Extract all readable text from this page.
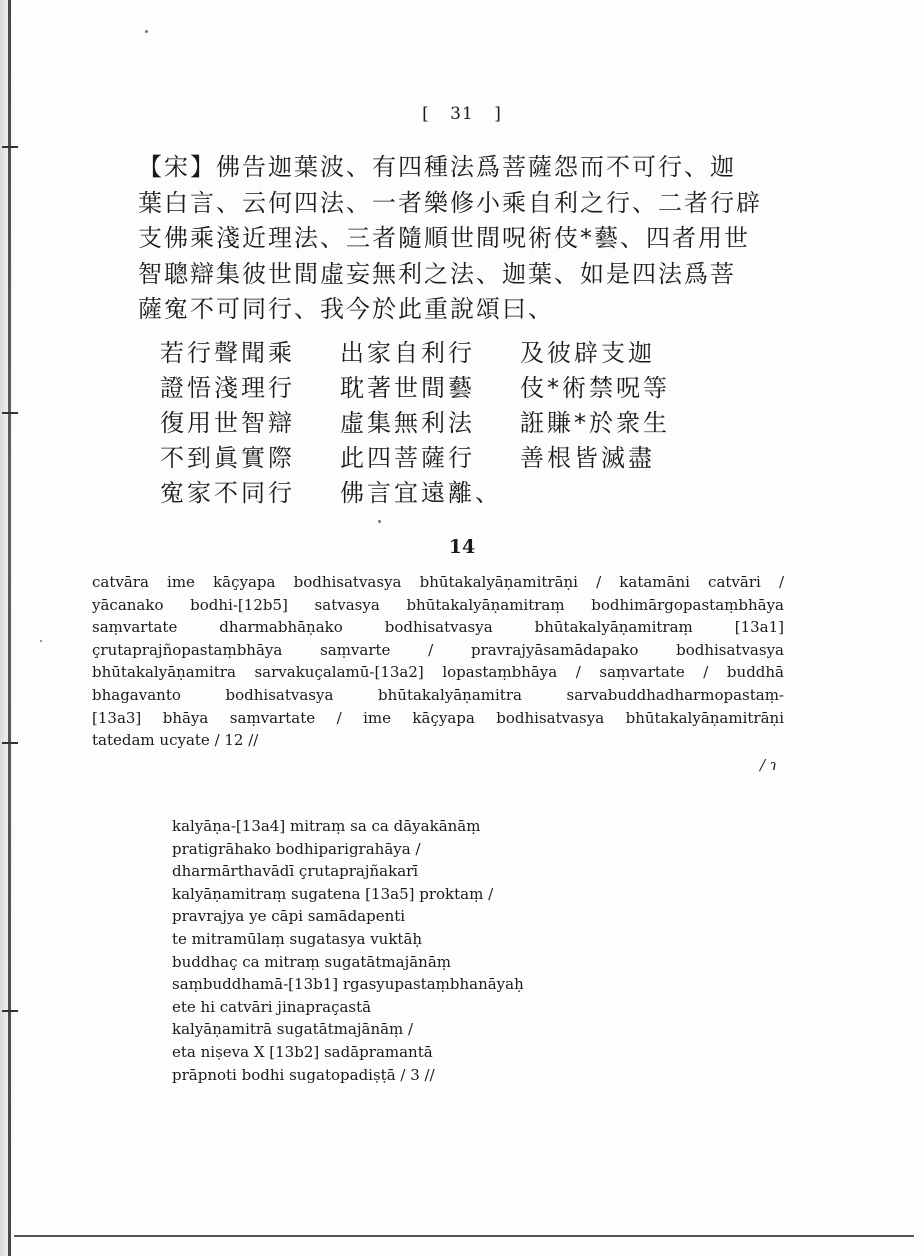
[ 31 ]
【宋】佛告迦葉波、有四種法爲菩薩怨而不可行、迦
葉白言、云何四法、一者樂修小乘自利之行、二者行辟
支佛乘淺近理法、三者隨順世間呪術伎*藝、四者用世
智聰辯集彼世間虛妄無利之法、迦葉、如是四法爲菩
薩寃不可同行、我今於此重說頌曰、
若行聲聞乘	出家自利行	及彼辟支迦
證悟淺理行	耽著世間藝	伎*術禁呪等
復用世智辯	虛集無利法	誑賺*於衆生
不到眞實際	此四菩薩行	善根皆滅盡
寃家不同行	佛言宜遠離、
14
catvāra ime kāçyapa bodhisatvasya bhūtakalyāṇamitrāṇi / katamāni catvāri /
yācanako bodhi-[12b5] satvasya bhūtakalyāṇamitraṃ bodhimārgopastaṃbhāya
saṃvartate dharmabhāṇako bodhisatvasya bhūtakalyāṇamitraṃ [13a1]
çrutaprajñopastaṃbhāya saṃvarte / pravrajyāsamādapako bodhisatvasya
bhūtakalyāṇamitra sarvakuçalamū-[13a2] lopastaṃbhāya / saṃvartate / buddhā
bhagavanto bodhisatvasya bhūtakalyāṇamitra sarvabuddhadharmopastaṃ-
[13a3] bhāya saṃvartate / ime kāçyapa bodhisatvasya bhūtakalyāṇamitrāṇi
tatedam ucyate / 12 //
/ ɿ
kalyāṇa-[13a4] mitraṃ sa ca dāyakānāṃ
pratigrāhako bodhiparigrahāya /
dharmārthavādī çrutaprajñakarī
kalyāṇamitraṃ sugatena [13a5] proktaṃ /
pravrajya ye cāpi samādapenti
te mitramūlaṃ sugatasya vuktāḥ
buddhaç ca mitraṃ sugatātmajānāṃ
saṃbuddhamā-[13b1] rgasyupastaṃbhanāyaḥ
ete hi catvāri jinapraçastā
kalyāṇamitrā sugatātmajānāṃ /
eta niṣeva X [13b2] sadāpramantā
prāpnoti bodhi sugatopadiṣṭā / 3 //
